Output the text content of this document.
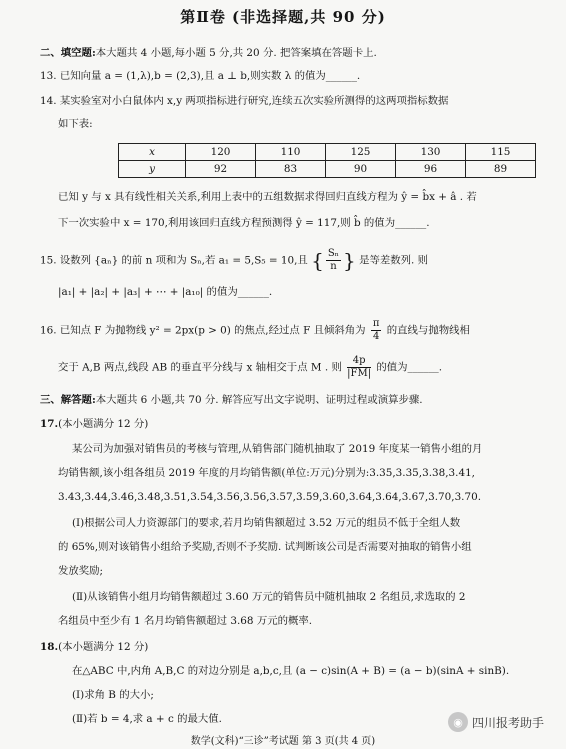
第Ⅱ卷 (非选择题,共 90 分)
二、填空题:本大题共 4 小题,每小题 5 分,共 20 分. 把答案填在答题卡上.
13. 已知向量 a = (1,λ),b = (2,3),且 a ⊥ b,则实数 λ 的值为______.
14. 某实验室对小白鼠体内 x,y 两项指标进行研究,连续五次实验所测得的这两项指标数据
如下表:
x	120	110	125	130	115
y	92	83	90	96	89
已知 y 与 x 具有线性相关关系,利用上表中的五组数据求得回归直线方程为 ŷ = b̂x + â . 若
下一次实验中 x = 170,利用该回归直线方程预测得 ŷ = 117,则 b̂ 的值为______.
15. 设数列 {aₙ} 的前 n 项和为 Sₙ,若 a₁ = 5,S₅ = 10,且 { $\frac{\text{Sₙ}}{n}$ } 是等差数列. 则
|a₁| + |a₂| + |a₃| + ⋯ + |a₁₀| 的值为______.
16. 已知点 F 为抛物线 y² = 2px(p > 0) 的焦点,经过点 F 且倾斜角为 $\frac{\pi}{4}$ 的直线与抛物线相
交于 A,B 两点,线段 AB 的垂直平分线与 x 轴相交于点 M . 则 $\frac{4p}{|FM|}$ 的值为______.
三、解答题:本大题共 6 小题,共 70 分. 解答应写出文字说明、证明过程或演算步骤.
17.(本小题满分 12 分)
某公司为加强对销售员的考核与管理,从销售部门随机抽取了 2019 年度某一销售小组的月
均销售额,该小组各组员 2019 年度的月均销售额(单位:万元)分别为:3.35,3.35,3.38,3.41,
3.43,3.44,3.46,3.48,3.51,3.54,3.56,3.56,3.57,3.59,3.60,3.64,3.64,3.67,3.70,3.70.
(Ⅰ)根据公司人力资源部门的要求,若月均销售额超过 3.52 万元的组员不低于全组人数
的 65%,则对该销售小组给予奖励,否则不予奖励. 试判断该公司是否需要对抽取的销售小组
发放奖励;
(Ⅱ)从该销售小组月均销售额超过 3.60 万元的销售员中随机抽取 2 名组员,求选取的 2
名组员中至少有 1 名月均销售额超过 3.68 万元的概率.
18.(本小题满分 12 分)
在△ABC 中,内角 A,B,C 的对边分别是 a,b,c,且 (a − c)sin(A + B) = (a − b)(sinA + sinB).
(Ⅰ)求角 B 的大小;
(Ⅱ)若 b = 4,求 a + c 的最大值.	◉ 四川报考助手
数学(文科)“三诊”考试题 第 3 页(共 4 页)
